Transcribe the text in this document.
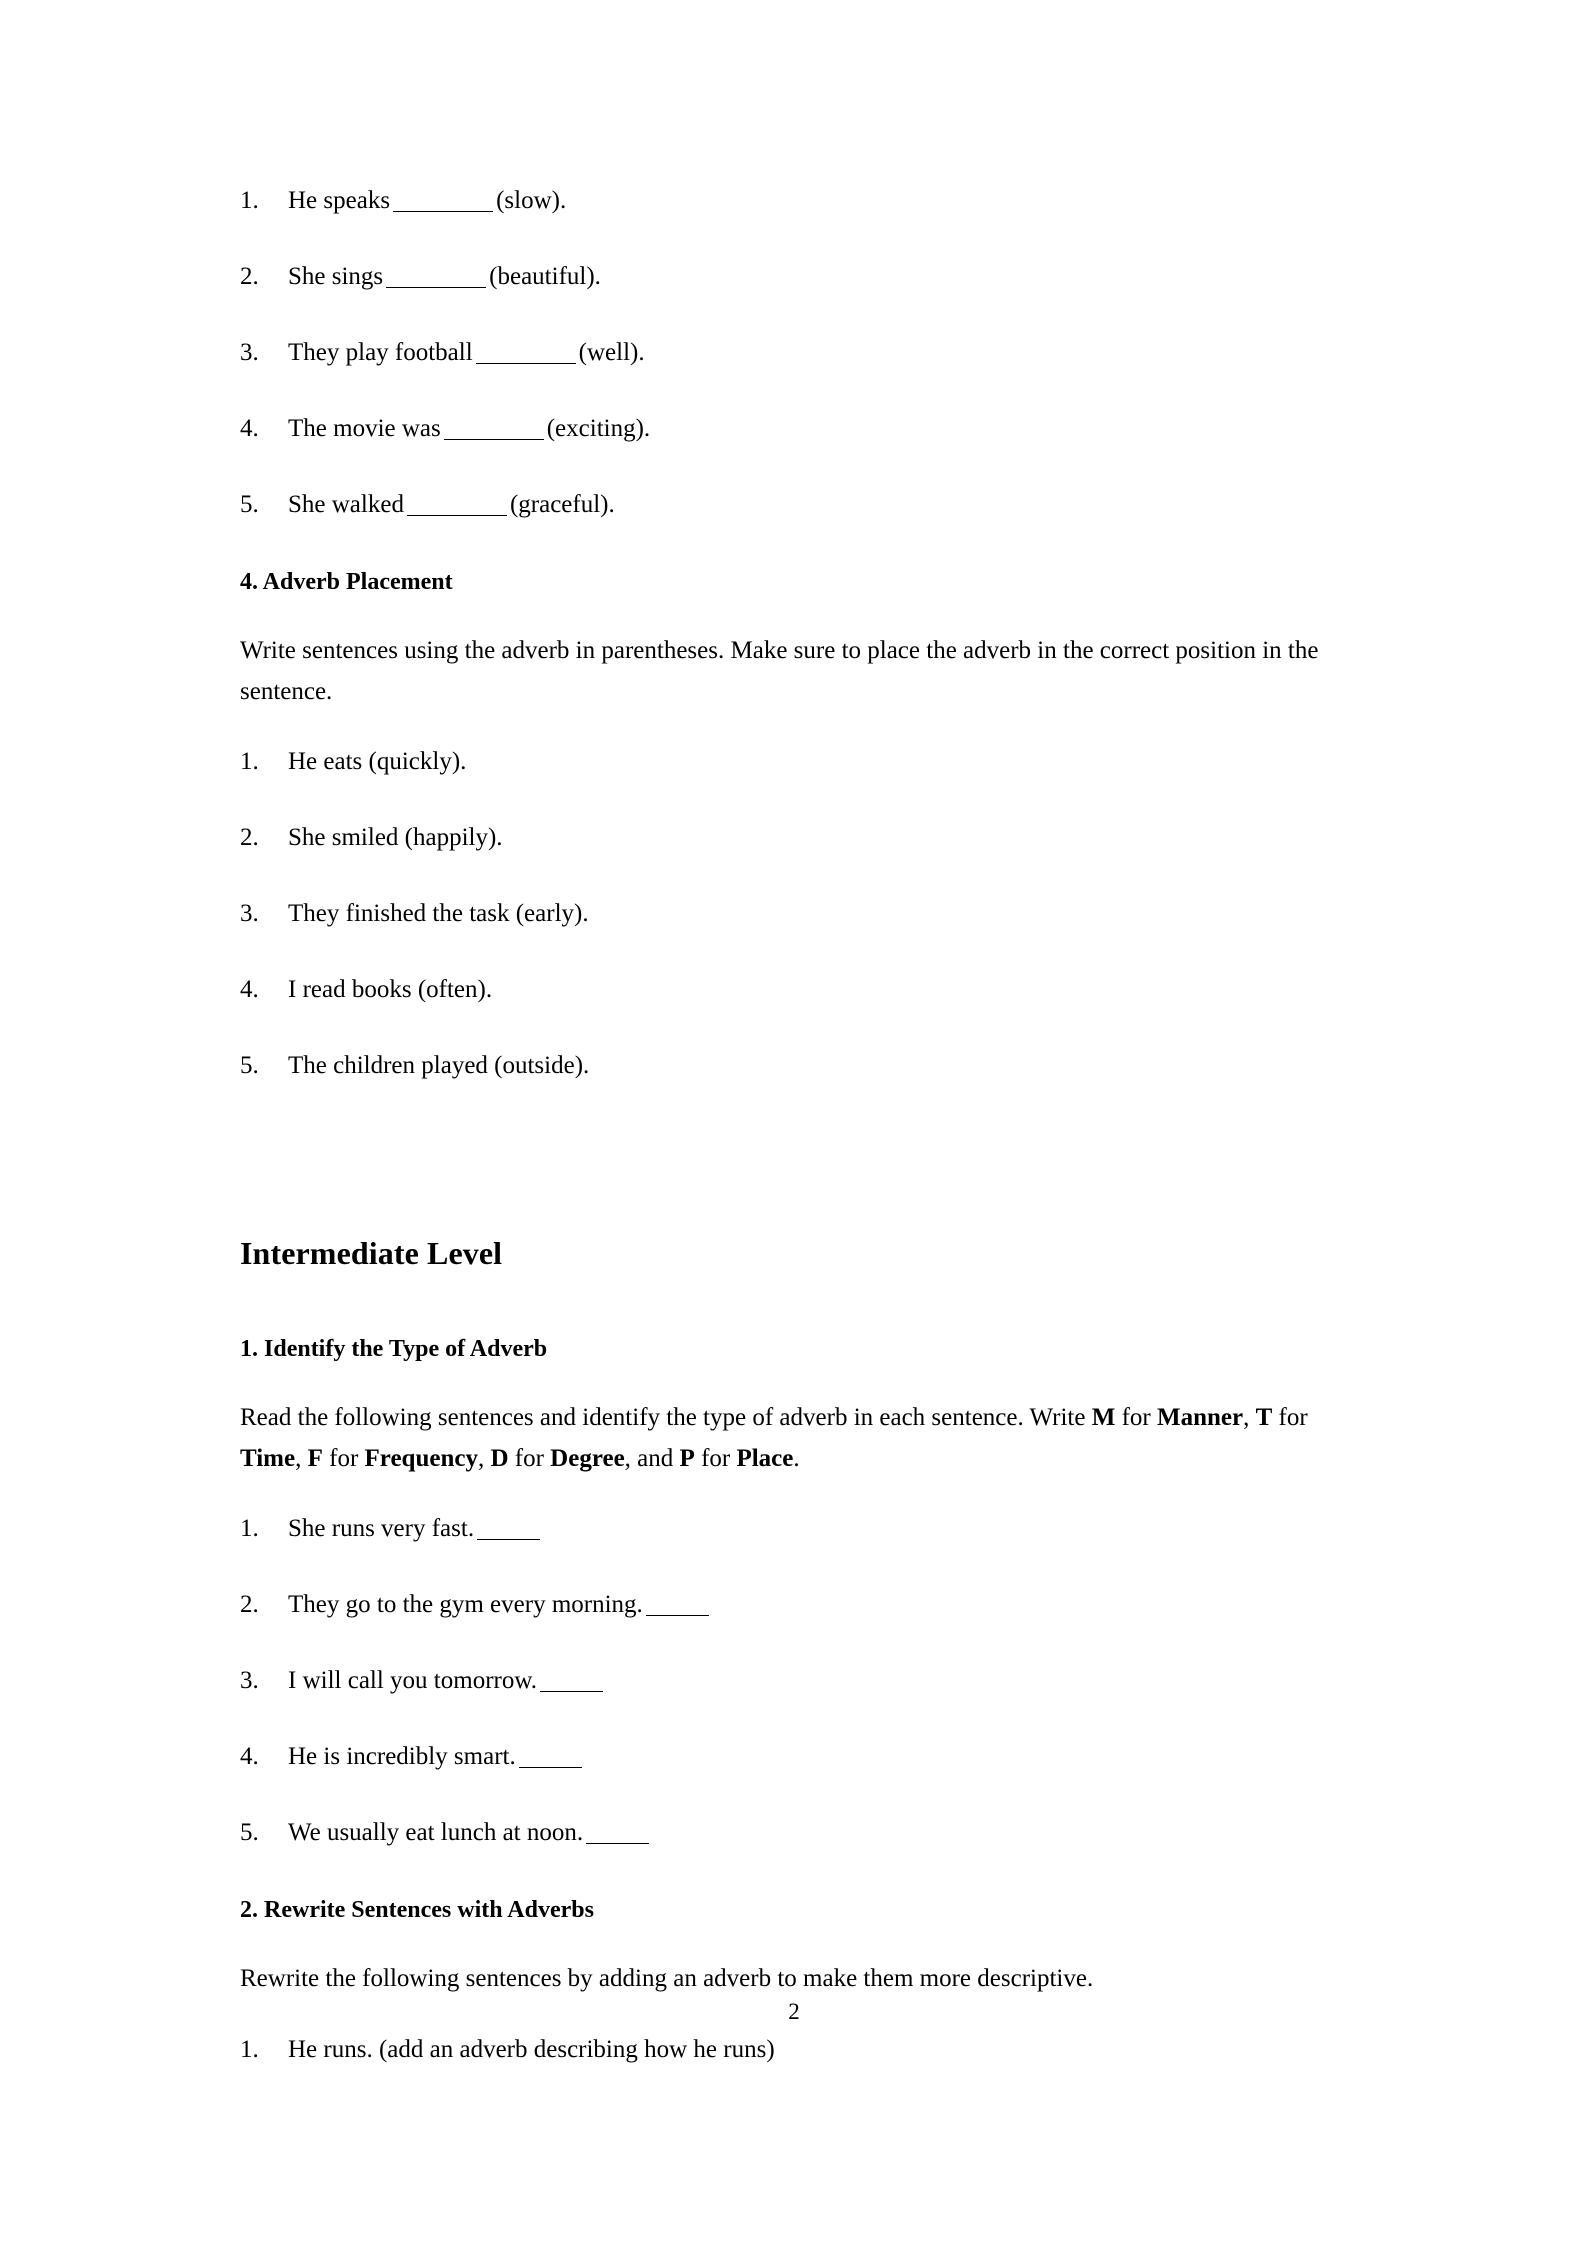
1.	He speaks	(slow).
2.	She sings	(beautiful).
3.	They play football	(well).
4.	The movie was	(exciting).
5.	She walked	(graceful).
4. Adverb Placement

Write sentences using the adverb in parentheses. Make sure to place the adverb in the correct position in the sentence.

1.	He eats (quickly).
2.	She smiled (happily).
3.	They finished the task (early).
4.	I read books (often).
5.	The children played (outside).
Intermediate Level
1. Identify the Type of Adverb

Read the following sentences and identify the type of adverb in each sentence. Write M for Manner, T for Time, F for Frequency, D for Degree, and P for Place.

1.	She runs very fast.
2.	They go to the gym every morning.
3.	I will call you tomorrow.
4.	He is incredibly smart.
5.	We usually eat lunch at noon.
2. Rewrite Sentences with Adverbs

Rewrite the following sentences by adding an adverb to make them more descriptive.

1.	He runs. (add an adverb describing how he runs)
2
